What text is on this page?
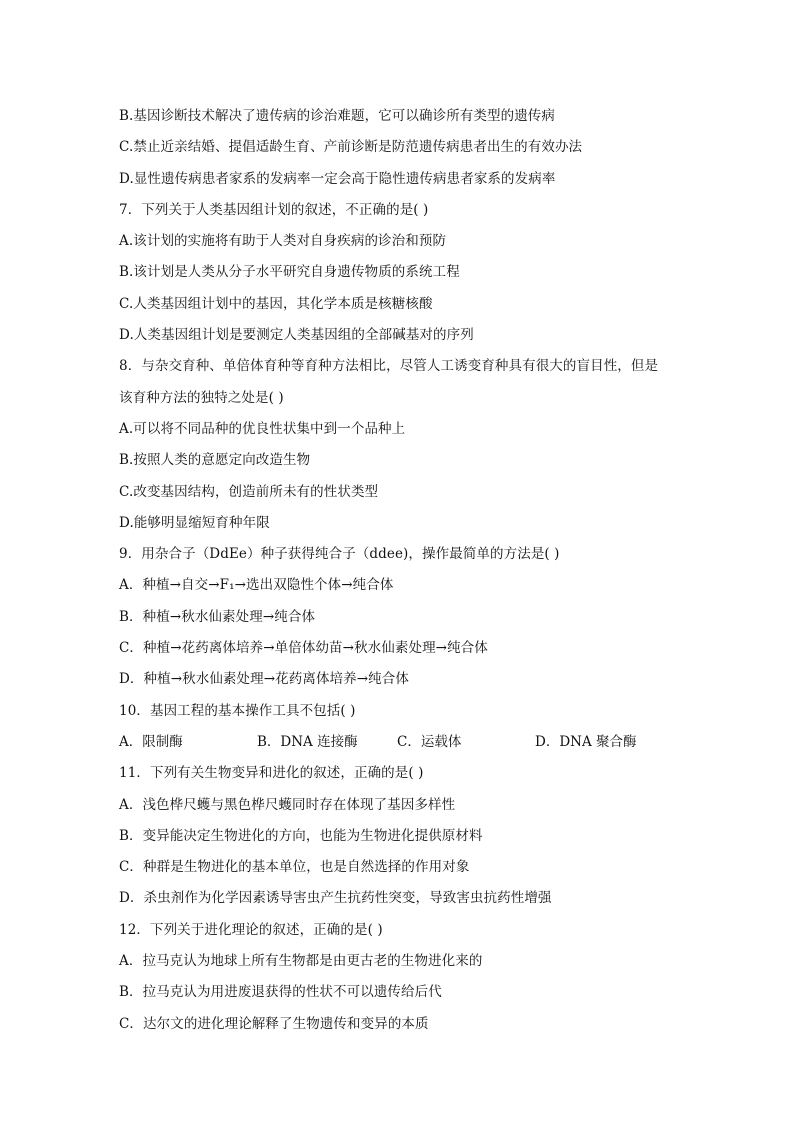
B.基因诊断技术解决了遗传病的诊治难题，它可以确诊所有类型的遗传病
C.禁止近亲结婚、提倡适龄生育、产前诊断是防范遗传病患者出生的有效办法
D.显性遗传病患者家系的发病率一定会高于隐性遗传病患者家系的发病率
7．下列关于人类基因组计划的叙述，不正确的是( )
A.该计划的实施将有助于人类对自身疾病的诊治和预防
B.该计划是人类从分子水平研究自身遗传物质的系统工程
C.人类基因组计划中的基因，其化学本质是核糖核酸
D.人类基因组计划是要测定人类基因组的全部碱基对的序列
8．与杂交育种、单倍体育种等育种方法相比，尽管人工诱变育种具有很大的盲目性，但是
该育种方法的独特之处是( )
A.可以将不同品种的优良性状集中到一个品种上
B.按照人类的意愿定向改造生物
C.改变基因结构，创造前所未有的性状类型
D.能够明显缩短育种年限
9．用杂合子（DdEe）种子获得纯合子（ddee)，操作最简单的方法是( )
A．种植→自交→F₁→选出双隐性个体→纯合体
B．种植→秋水仙素处理→纯合体
C．种植→花药离体培养→单倍体幼苗→秋水仙素处理→纯合体
D．种植→秋水仙素处理→花药离体培养→纯合体
10．基因工程的基本操作工具不包括( )
A．限制酶	B．DNA 连接酶	C．运载体	D．DNA 聚合酶
11．下列有关生物变异和进化的叙述，正确的是( )
A．浅色桦尺蠖与黑色桦尺蠖同时存在体现了基因多样性
B．变异能决定生物进化的方向，也能为生物进化提供原材料
C．种群是生物进化的基本单位，也是自然选择的作用对象
D．杀虫剂作为化学因素诱导害虫产生抗药性突变，导致害虫抗药性增强
12．下列关于进化理论的叙述，正确的是( )
A．拉马克认为地球上所有生物都是由更古老的生物进化来的
B．拉马克认为用进废退获得的性状不可以遗传给后代
C．达尔文的进化理论解释了生物遗传和变异的本质
